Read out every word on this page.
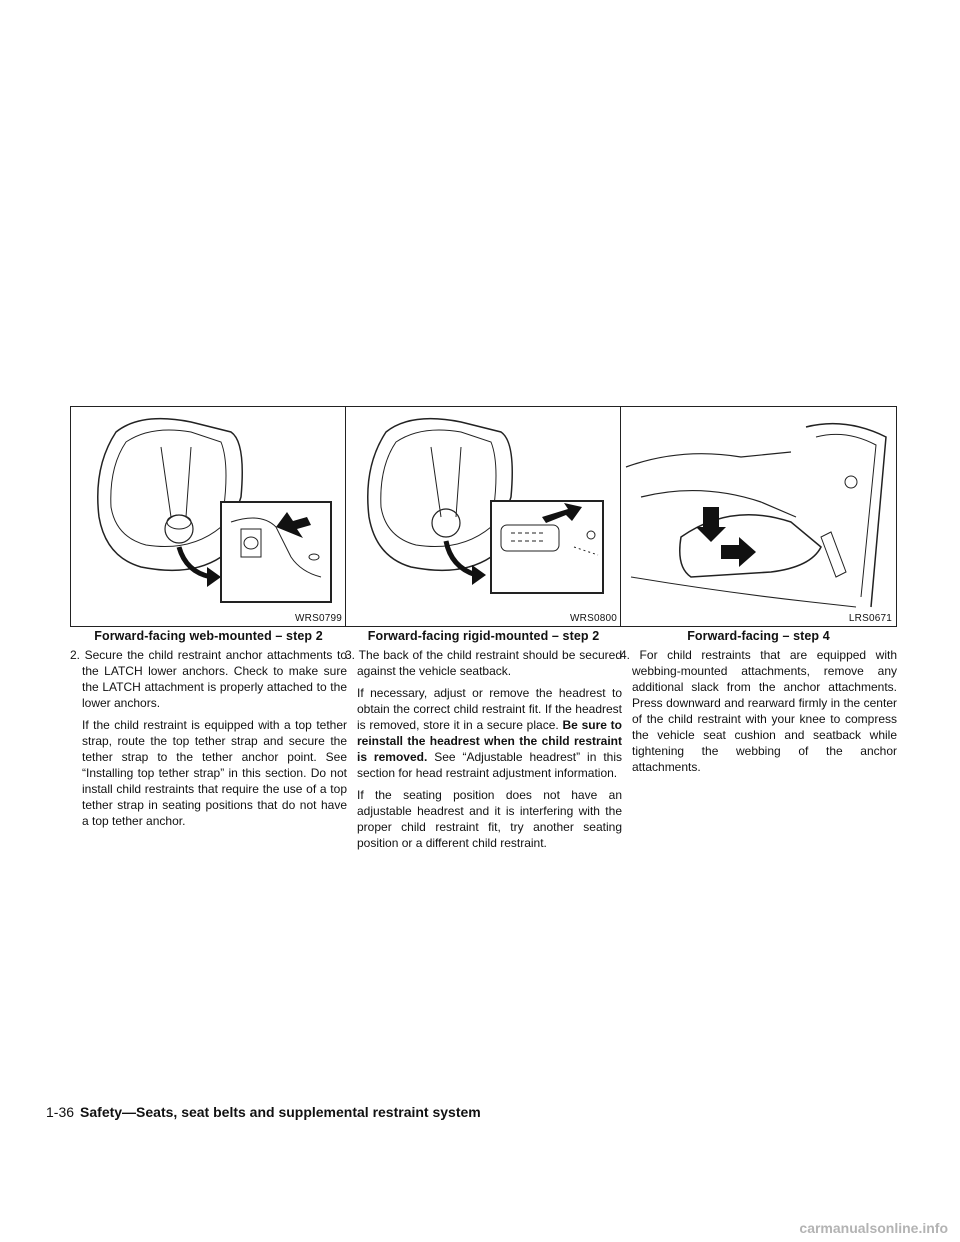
WRS0799
Forward-facing web-mounted – step 2

2. Secure the child restraint anchor attachments to the LATCH lower anchors. Check to make sure the LATCH attachment is properly attached to the lower anchors.

If the child restraint is equipped with a top tether strap, route the top tether strap and secure the tether strap to the tether anchor point. See “Installing top tether strap” in this section. Do not install child restraints that require the use of a top tether strap in seating positions that do not have a top tether anchor.

WRS0800
Forward-facing rigid-mounted – step 2

3. The back of the child restraint should be secured against the vehicle seatback.

If necessary, adjust or remove the headrest to obtain the correct child restraint fit. If the headrest is removed, store it in a secure place. Be sure to reinstall the headrest when the child restraint is removed. See “Adjustable headrest” in this section for head restraint adjustment information.

If the seating position does not have an adjustable headrest and it is interfering with the proper child restraint fit, try another seating position or a different child restraint.

LRS0671
Forward-facing – step 4

4. For child restraints that are equipped with webbing-mounted attachments, remove any additional slack from the anchor attachments. Press downward and rearward firmly in the center of the child restraint with your knee to compress the vehicle seat cushion and seatback while tightening the webbing of the anchor attachments.

1-36 Safety—Seats, seat belts and supplemental restraint system
carmanualsonline.info
